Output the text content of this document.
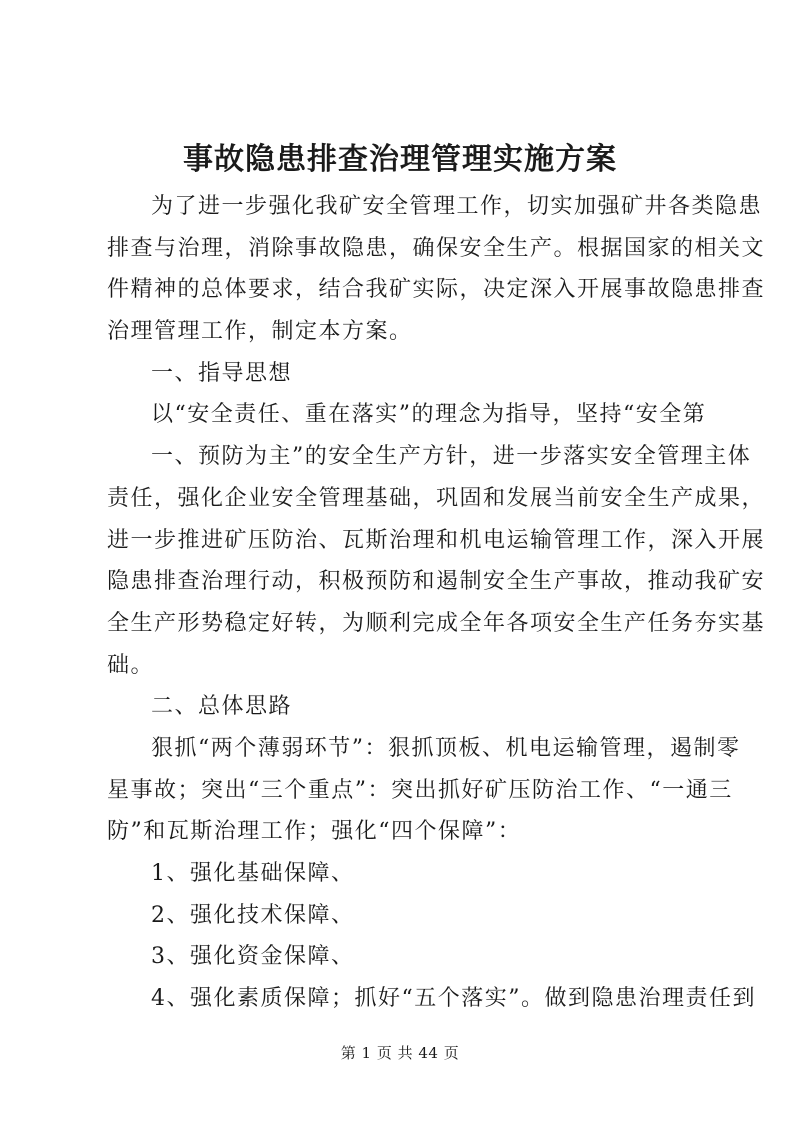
事故隐患排查治理管理实施方案
为了进一步强化我矿安全管理工作，切实加强矿井各类隐患
排查与治理，消除事故隐患，确保安全生产。根据国家的相关文
件精神的总体要求，结合我矿实际，决定深入开展事故隐患排查
治理管理工作，制定本方案。
一、指导思想
以“安全责任、重在落实”的理念为指导，坚持“安全第
一、预防为主”的安全生产方针，进一步落实安全管理主体
责任，强化企业安全管理基础，巩固和发展当前安全生产成果，
进一步推进矿压防治、瓦斯治理和机电运输管理工作，深入开展
隐患排查治理行动，积极预防和遏制安全生产事故，推动我矿安
全生产形势稳定好转，为顺利完成全年各项安全生产任务夯实基
础。
二、总体思路
狠抓“两个薄弱环节”：狠抓顶板、机电运输管理，遏制零
星事故；突出“三个重点”：突出抓好矿压防治工作、“一通三
防”和瓦斯治理工作；强化“四个保障”：
1、强化基础保障、
2、强化技术保障、
3、强化资金保障、
4、强化素质保障；抓好“五个落实”。做到隐患治理责任到
第 1 页 共 44 页
